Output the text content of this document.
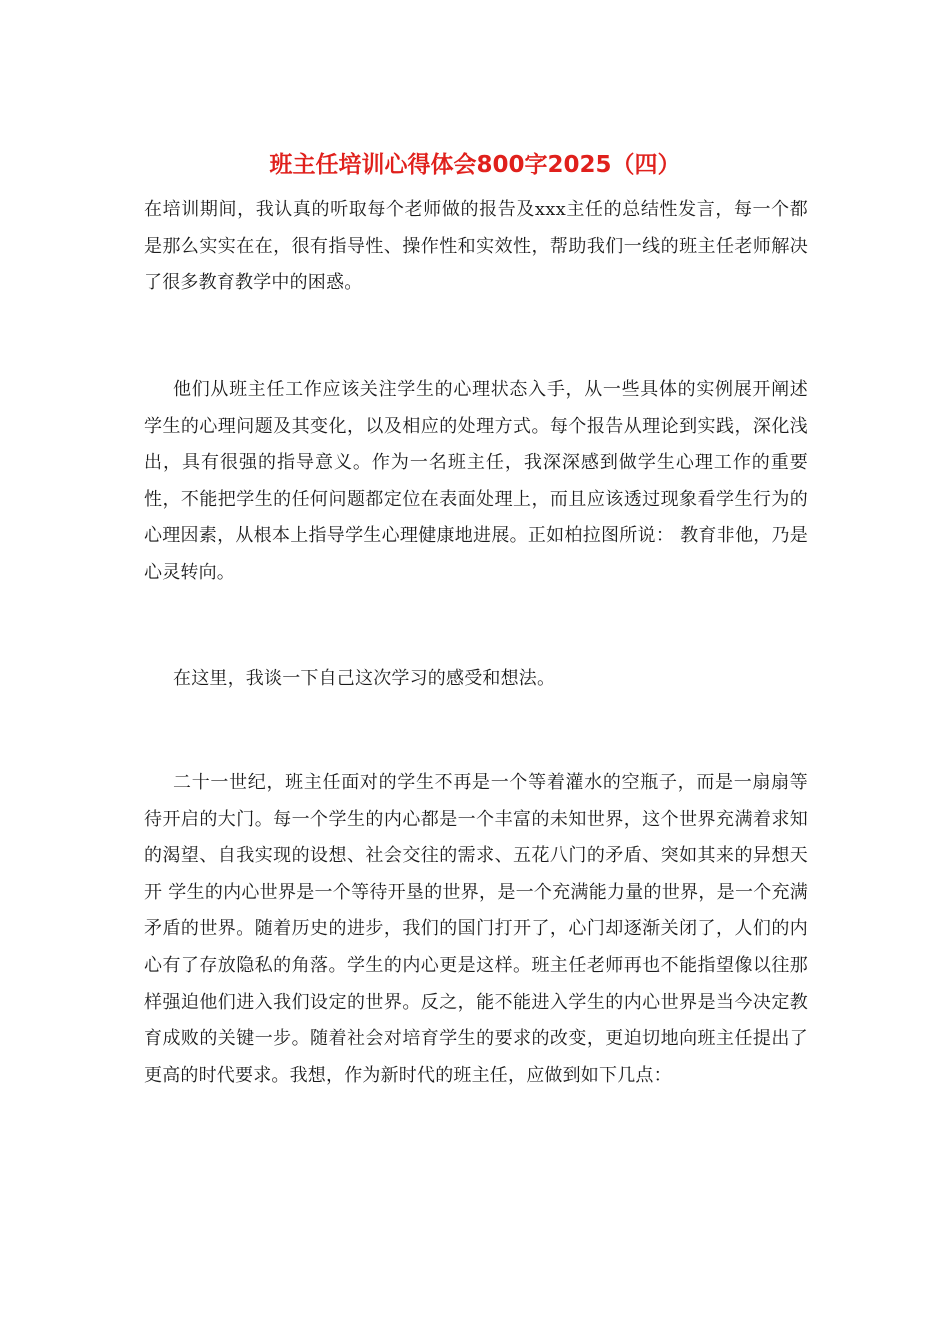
班主任培训心得体会800字2025（四）

在培训期间，我认真的听取每个老师做的报告及xxx主任的总结性发言，每一个都是那么实实在在，很有指导性、操作性和实效性，帮助我们一线的班主任老师解决了很多教育教学中的困惑。

他们从班主任工作应该关注学生的心理状态入手，从一些具体的实例展开阐述学生的心理问题及其变化，以及相应的处理方式。每个报告从理论到实践，深化浅出，具有很强的指导意义。作为一名班主任，我深深感到做学生心理工作的重要性，不能把学生的任何问题都定位在表面处理上，而且应该透过现象看学生行为的心理因素，从根本上指导学生心理健康地进展。正如柏拉图所说： 教育非他，乃是心灵转向。

在这里，我谈一下自己这次学习的感受和想法。

二十一世纪，班主任面对的学生不再是一个等着灌水的空瓶子，而是一扇扇等待开启的大门。每一个学生的内心都是一个丰富的未知世界，这个世界充满着求知的渴望、自我实现的设想、社会交往的需求、五花八门的矛盾、突如其来的异想天开 学生的内心世界是一个等待开垦的世界，是一个充满能力量的世界，是一个充满矛盾的世界。随着历史的进步，我们的国门打开了，心门却逐渐关闭了，人们的内心有了存放隐私的角落。学生的内心更是这样。班主任老师再也不能指望像以往那样强迫他们进入我们设定的世界。反之，能不能进入学生的内心世界是当今决定教育成败的关键一步。随着社会对培育学生的要求的改变，更迫切地向班主任提出了更高的时代要求。我想，作为新时代的班主任，应做到如下几点：
